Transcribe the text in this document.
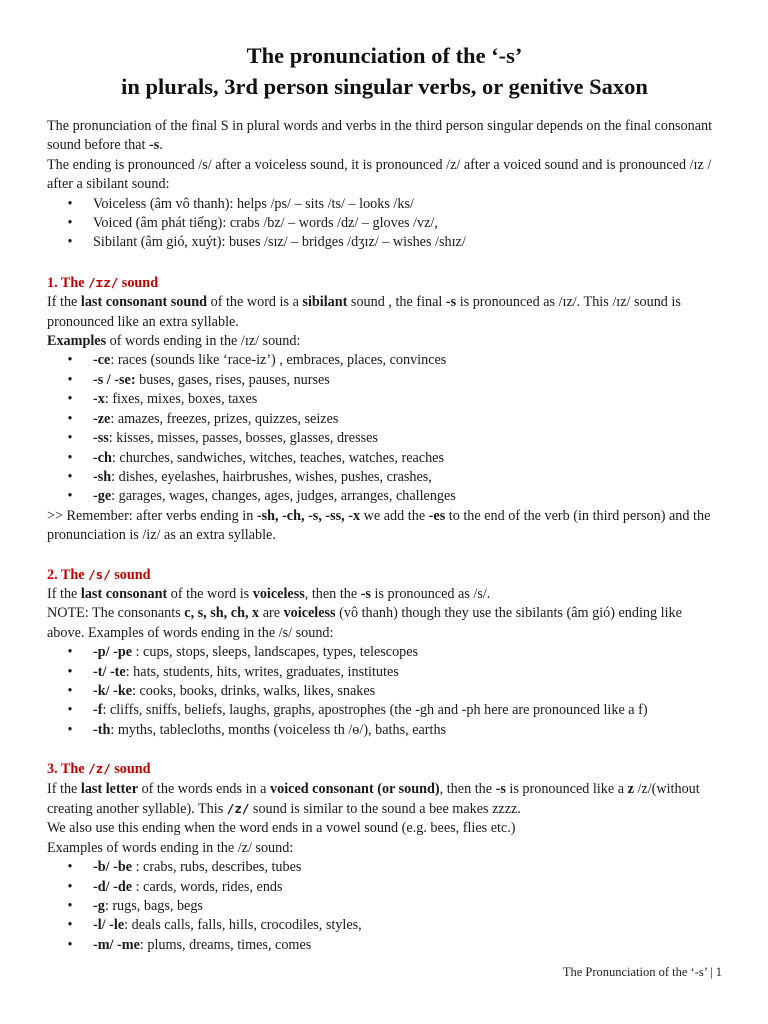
The pronunciation of the ‘-s’
in plurals, 3rd person singular verbs, or genitive Saxon

The pronunciation of the final S in plural words and verbs in the third person singular depends on the final consonant sound before that -s.

The ending is pronounced /s/ after a voiceless sound, it is pronounced /z/ after a voiced sound and is pronounced /ɪz / after a sibilant sound:

•	Voiceless (âm vô thanh): helps /ps/ – sits /ts/ – looks /ks/
•	Voiced (âm phát tiếng): crabs /bz/ – words /dz/ – gloves /vz/,
•	Sibilant (âm gió, xuýt): buses /sɪz/ – bridges /dʒɪz/ – wishes /shɪz/
1. The /ɪz/ sound

If the last consonant sound of the word is a sibilant sound , the final -s is pronounced as /ɪz/. This /ɪz/ sound is pronounced like an extra syllable.

Examples of words ending in the /ɪz/ sound:

•	-ce: races (sounds like ‘race-iz’) , embraces, places, convinces
•	-s / -se: buses, gases, rises, pauses, nurses
•	-x: fixes, mixes, boxes, taxes
•	-ze: amazes, freezes, prizes, quizzes, seizes
•	-ss: kisses, misses, passes, bosses, glasses, dresses
•	-ch: churches, sandwiches, witches, teaches, watches, reaches
•	-sh: dishes, eyelashes, hairbrushes, wishes, pushes, crashes,
•	-ge: garages, wages, changes, ages, judges, arranges, challenges

>> Remember: after verbs ending in -sh, -ch, -s, -ss, -x we add the -es to the end of the verb (in third person) and the pronunciation is /iz/ as an extra syllable.

2. The /s/ sound

If the last consonant of the word is voiceless, then the -s is pronounced as /s/.

NOTE: The consonants c, s, sh, ch, x are voiceless (vô thanh) though they use the sibilants (âm gió) ending like above. Examples of words ending in the /s/ sound:

•	-p/ -pe : cups, stops, sleeps, landscapes, types, telescopes
•	-t/ -te: hats, students, hits, writes, graduates, institutes
•	-k/ -ke: cooks, books, drinks, walks, likes, snakes
•	-f: cliffs, sniffs, beliefs, laughs, graphs, apostrophes (the -gh and -ph here are pronounced like a f)
•	-th: myths, tablecloths, months (voiceless th /ө/), baths, earths
3. The /z/ sound

If the last letter of the words ends in a voiced consonant (or sound), then the -s is pronounced like a z /z/(without creating another syllable). This /z/ sound is similar to the sound a bee makes zzzz.

We also use this ending when the word ends in a vowel sound (e.g. bees, flies etc.)

Examples of words ending in the /z/ sound:

•	-b/ -be : crabs, rubs, describes, tubes
•	-d/ -de : cards, words, rides, ends
•	-g: rugs, bags, begs
•	-l/ -le: deals calls, falls, hills, crocodiles, styles,
•	-m/ -me: plums, dreams, times, comes
The Pronunciation of the ‘-s’ | 1
